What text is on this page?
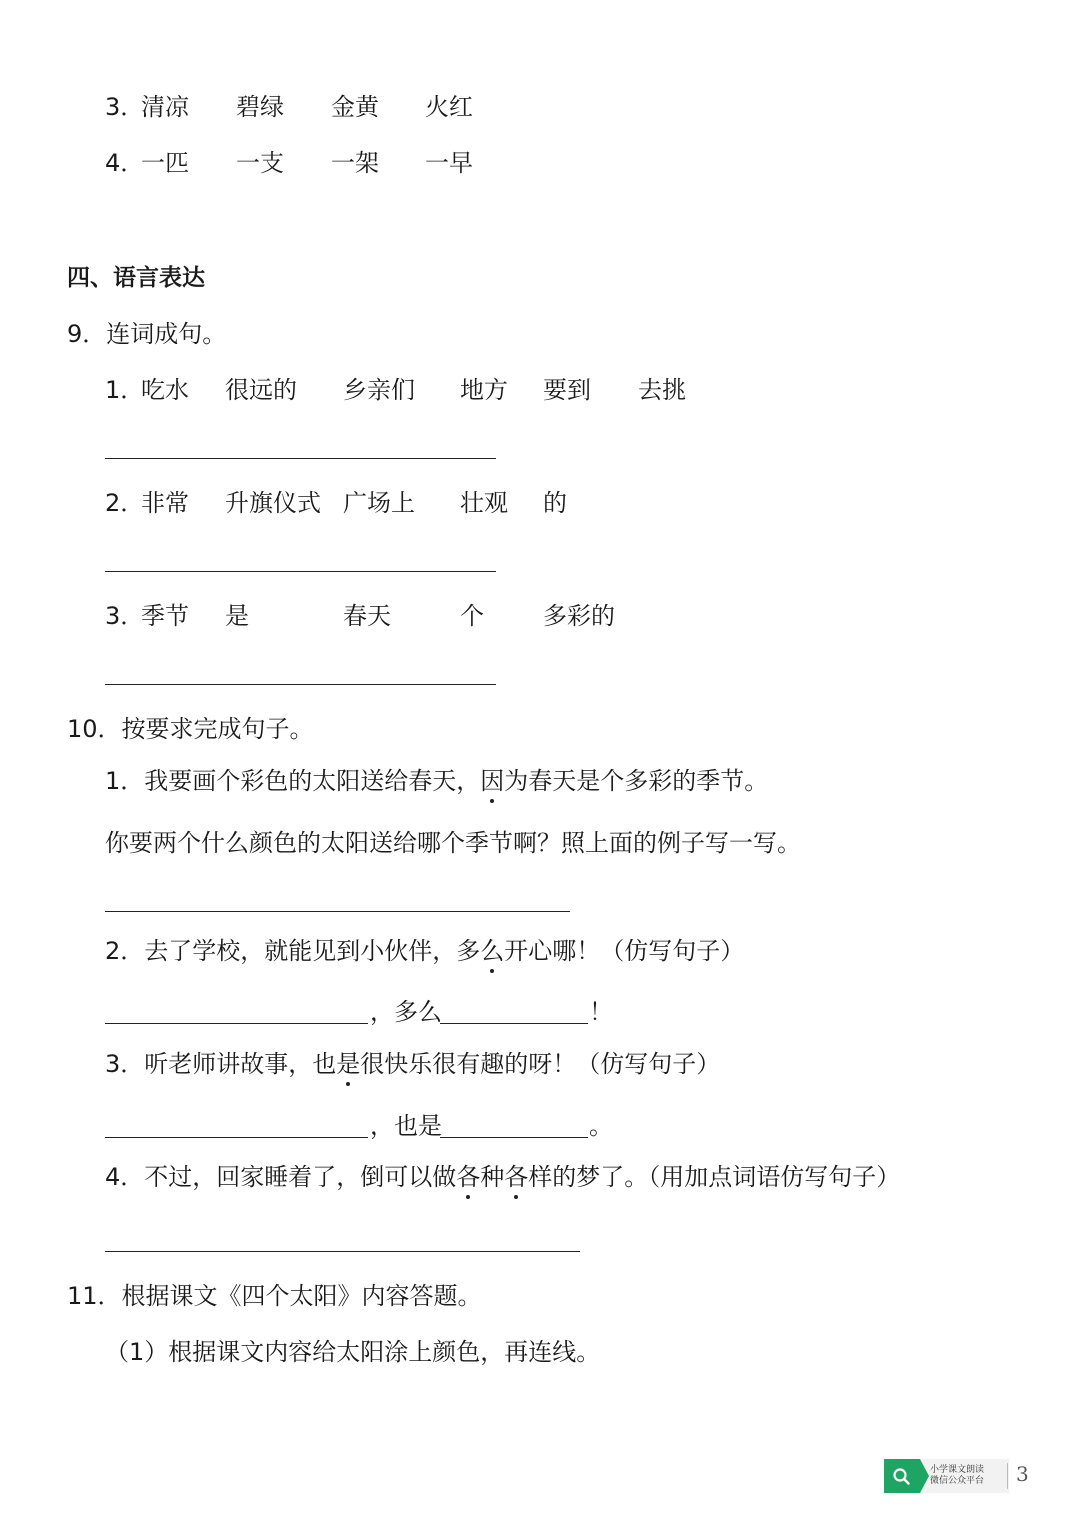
3．
清凉 碧绿 金黄 火红
4．
一匹 一支 一架 一早
四、语言表达
9．连词成句。
1．
吃水 很远的 乡亲们 地方 要到 去挑
2．
非常 升旗仪式 广场上 壮观 的
3．
季节 是	春天	个 多彩的
10．按要求完成句子。
1．我要画个彩色的太阳送给春天，因为春天是个多彩的季节。
你要两个什么颜色的太阳送给哪个季节啊？照上面的例子写一写。
2．去了学校，就能见到小伙伴，多么开心哪！（仿写句子）
，多么	！
3．听老师讲故事，也是很快乐很有趣的呀！（仿写句子）
，也是	。
4．不过，回家睡着了，倒可以做各种各样的梦了。（用加点词语仿写句子）
11．根据课文《四个太阳》内容答题。
（1）根据课文内容给太阳涂上颜色，再连线。
小学课文朗读
微信公众平台 3
